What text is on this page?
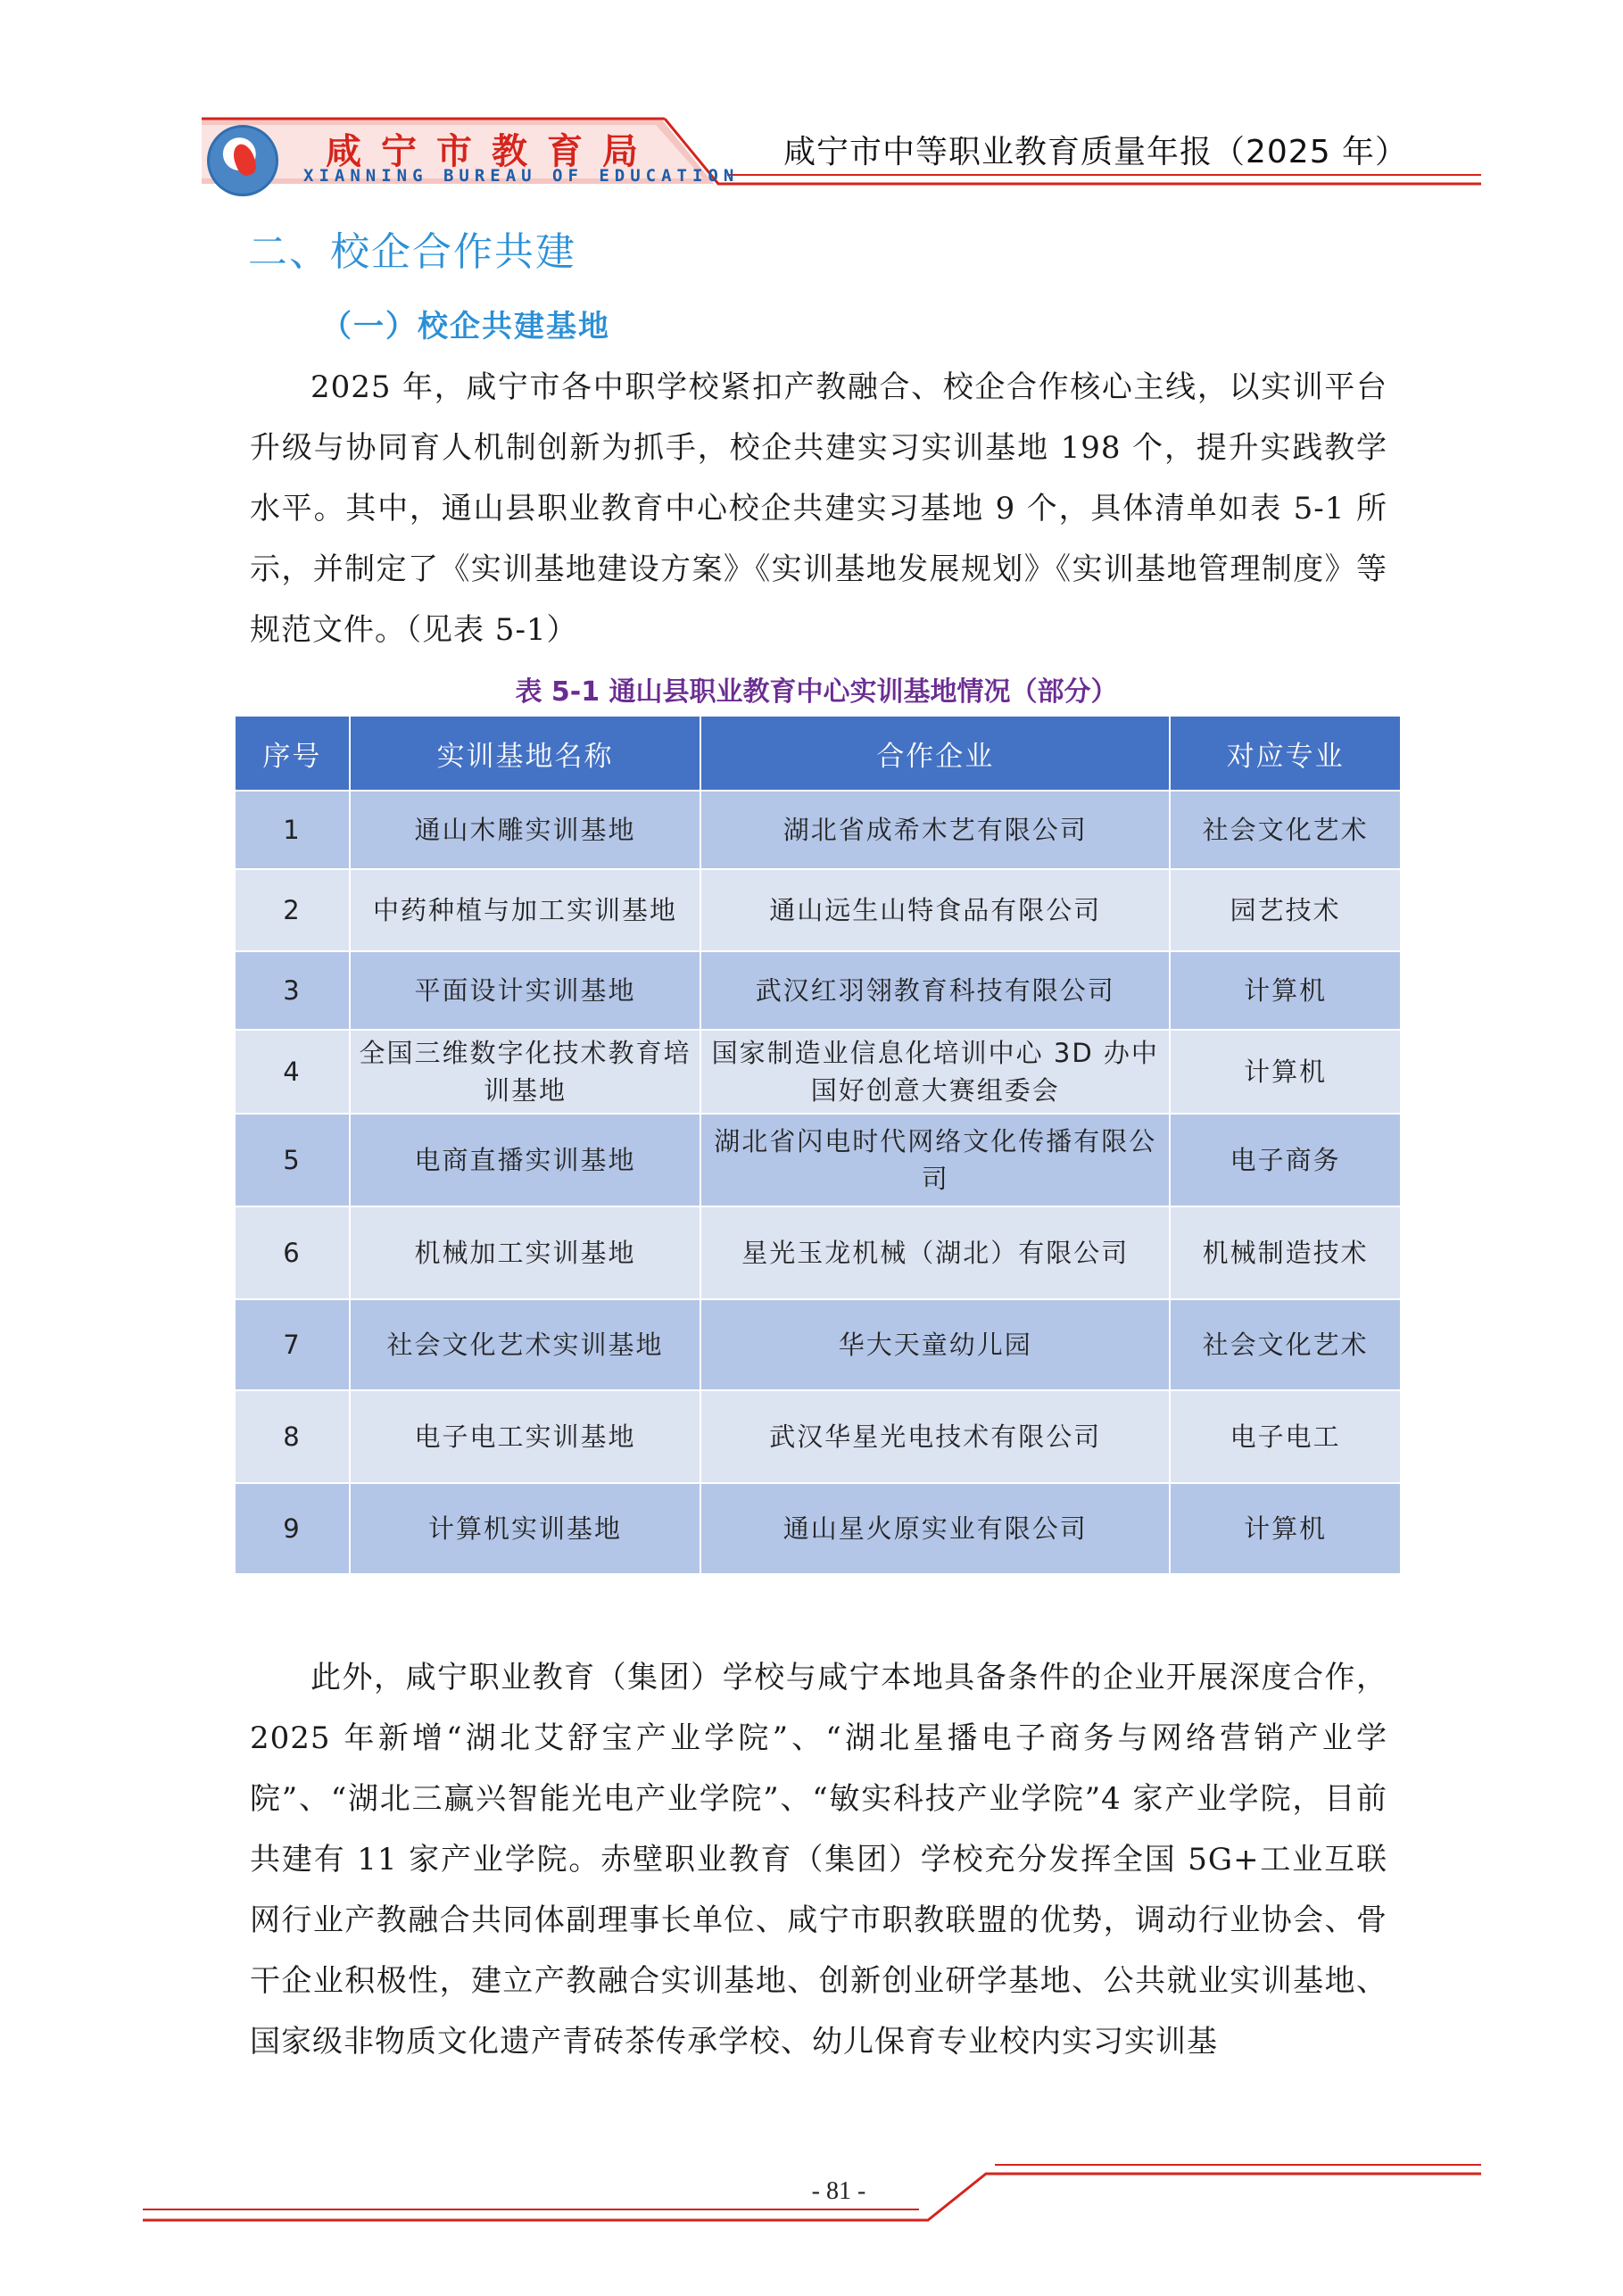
咸宁市教育局
XIANNING BUREAU OF EDUCATION
咸宁市中等职业教育质量年报（2025 年）
二、校企合作共建
（一）校企共建基地

2025 年，咸宁市各中职学校紧扣产教融合、校企合作核心主线，以实训平台升级与协同育人机制创新为抓手，校企共建实习实训基地 198 个，提升实践教学水平。其中，通山县职业教育中心校企共建实习基地 9 个，具体清单如表 5-1 所示，并制定了《实训基地建设方案》《实训基地发展规划》《实训基地管理制度》等规范文件。（见表 5-1）

表 5-1 通山县职业教育中心实训基地情况（部分）
序号	实训基地名称	合作企业	对应专业
1	通山木雕实训基地	湖北省成希木艺有限公司	社会文化艺术
2	中药种植与加工实训基地	通山远生山特食品有限公司	园艺技术
3	平面设计实训基地	武汉红羽翎教育科技有限公司	计算机
4	全国三维数字化技术教育培训基地	国家制造业信息化培训中心 3D 办中国好创意大赛组委会	计算机
5	电商直播实训基地	湖北省闪电时代网络文化传播有限公司	电子商务
6	机械加工实训基地	星光玉龙机械（湖北）有限公司	机械制造技术
7	社会文化艺术实训基地	华大天童幼儿园	社会文化艺术
8	电子电工实训基地	武汉华星光电技术有限公司	电子电工
9	计算机实训基地	通山星火原实业有限公司	计算机

此外，咸宁职业教育（集团）学校与咸宁本地具备条件的企业开展深度合作，2025 年新增“湖北艾舒宝产业学院”、“湖北星播电子商务与网络营销产业学院”、“湖北三赢兴智能光电产业学院”、“敏实科技产业学院”4 家产业学院，目前共建有 11 家产业学院。赤壁职业教育（集团）学校充分发挥全国 5G+工业互联网行业产教融合共同体副理事长单位、咸宁市职教联盟的优势，调动行业协会、骨干企业积极性，建立产教融合实训基地、创新创业研学基地、公共就业实训基地、国家级非物质文化遗产青砖茶传承学校、幼儿保育专业校内实习实训基

- 81 -
